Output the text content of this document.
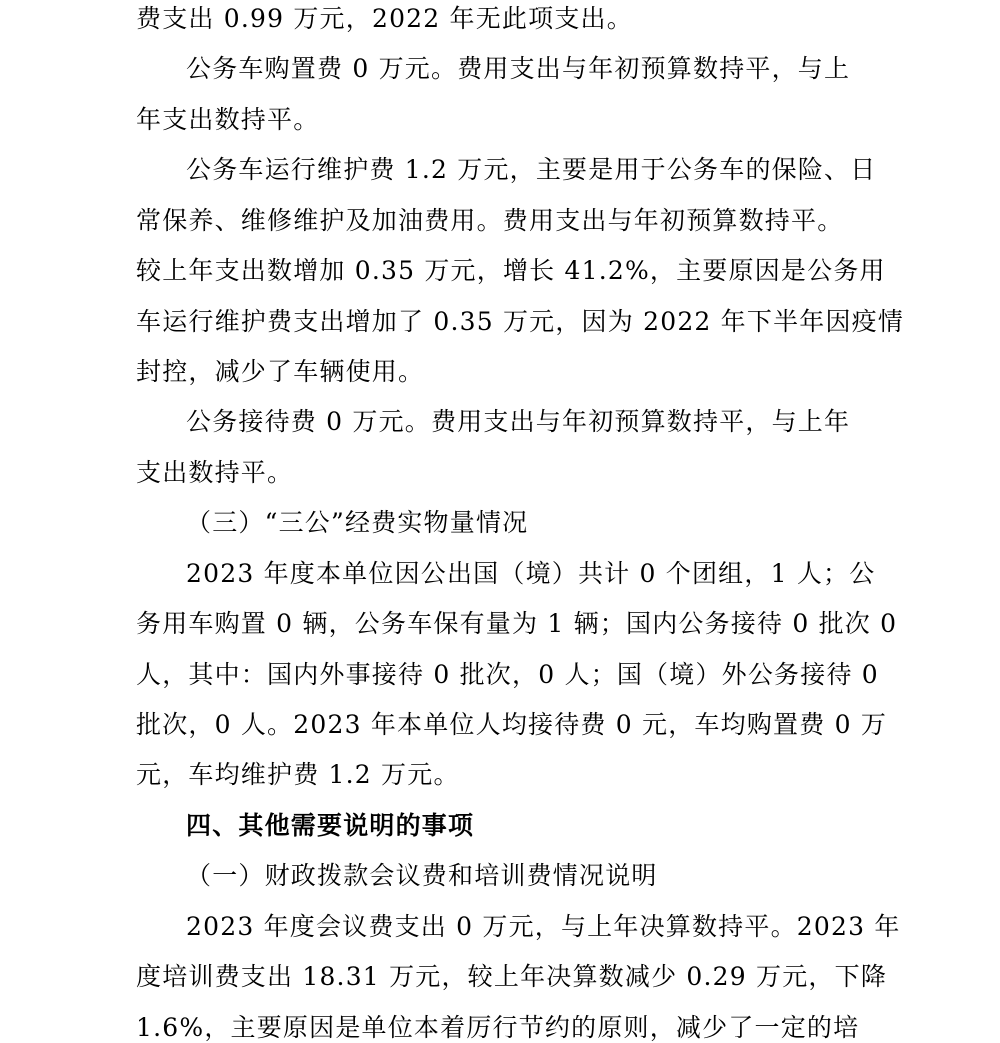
费支出 0.99 万元，2022 年无此项支出。
公务车购置费 0 万元。费用支出与年初预算数持平，与上
年支出数持平。
公务车运行维护费 1.2 万元，主要是用于公务车的保险、日
常保养、维修维护及加油费用。费用支出与年初预算数持平。
较上年支出数增加 0.35 万元，增长 41.2%，主要原因是公务用
车运行维护费支出增加了 0.35 万元，因为 2022 年下半年因疫情
封控，减少了车辆使用。
公务接待费 0 万元。费用支出与年初预算数持平，与上年
支出数持平。
（三）“三公”经费实物量情况
2023 年度本单位因公出国（境）共计 0 个团组，1 人；公
务用车购置 0 辆，公务车保有量为 1 辆；国内公务接待 0 批次 0
人，其中：国内外事接待 0 批次，0 人；国（境）外公务接待 0
批次，0 人。2023 年本单位人均接待费 0 元，车均购置费 0 万
元，车均维护费 1.2 万元。
四、其他需要说明的事项
（一）财政拨款会议费和培训费情况说明
2023 年度会议费支出 0 万元，与上年决算数持平。2023 年
度培训费支出 18.31 万元，较上年决算数减少 0.29 万元，下降
1.6%，主要原因是单位本着厉行节约的原则，减少了一定的培
